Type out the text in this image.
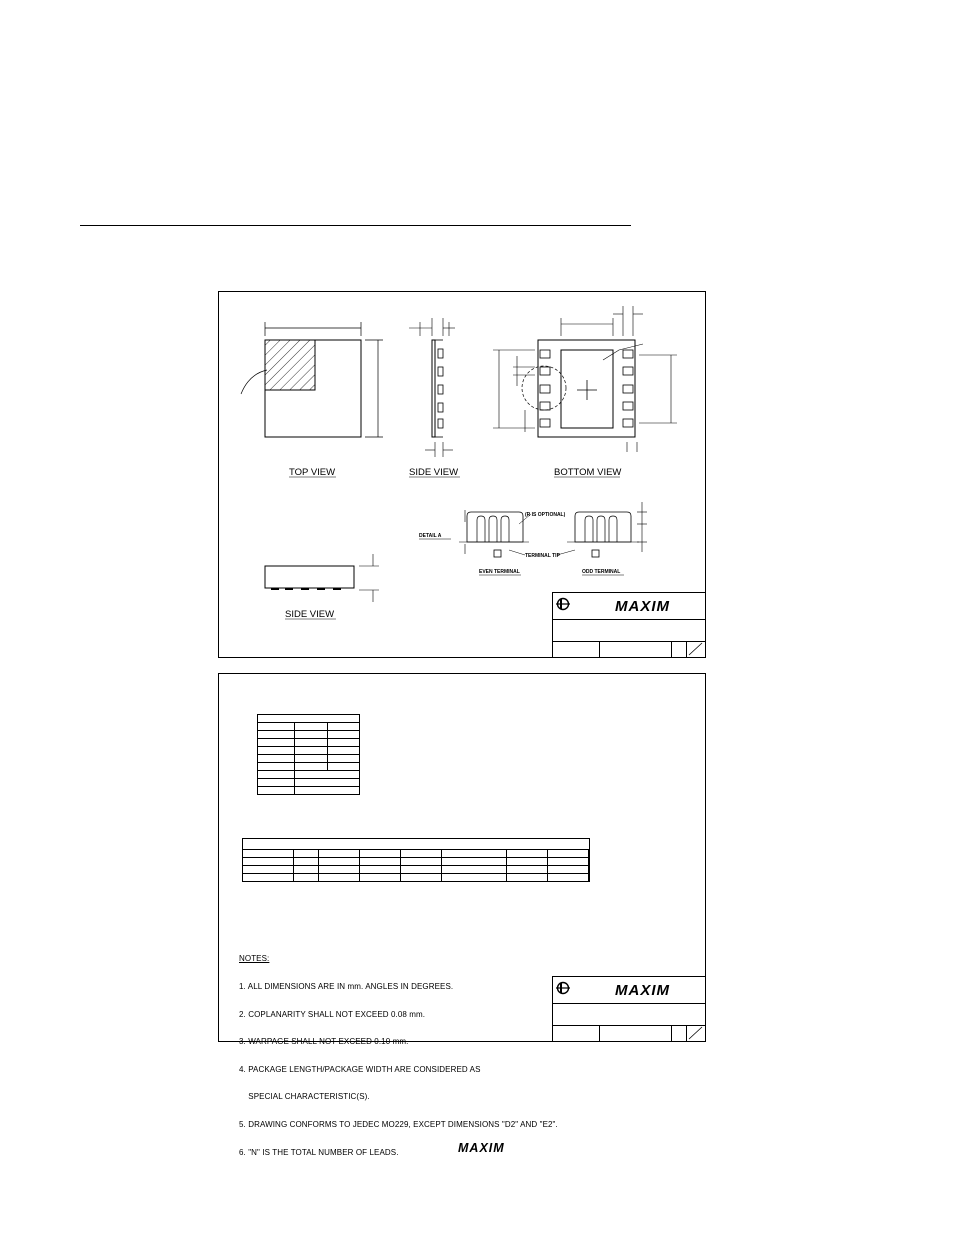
TOP VIEW	SIDE VIEW	BOTTOM VIEW
SIDE VIEW
DETAIL A
(R IS OPTIONAL)
TERMINAL TIP
EVEN TERMINAL	ODD TERMINAL
MAXIM

NOTES:

1. ALL DIMENSIONS ARE IN mm. ANGLES IN DEGREES.

2. COPLANARITY SHALL NOT EXCEED 0.08 mm.

3. WARPAGE SHALL NOT EXCEED 0.10 mm.

4. PACKAGE LENGTH/PACKAGE WIDTH ARE CONSIDERED AS

SPECIAL CHARACTERISTIC(S).

5. DRAWING CONFORMS TO JEDEC MO229, EXCEPT DIMENSIONS "D2" AND "E2".

6. "N" IS THE TOTAL NUMBER OF LEADS.

MAXIM
MAXIM
